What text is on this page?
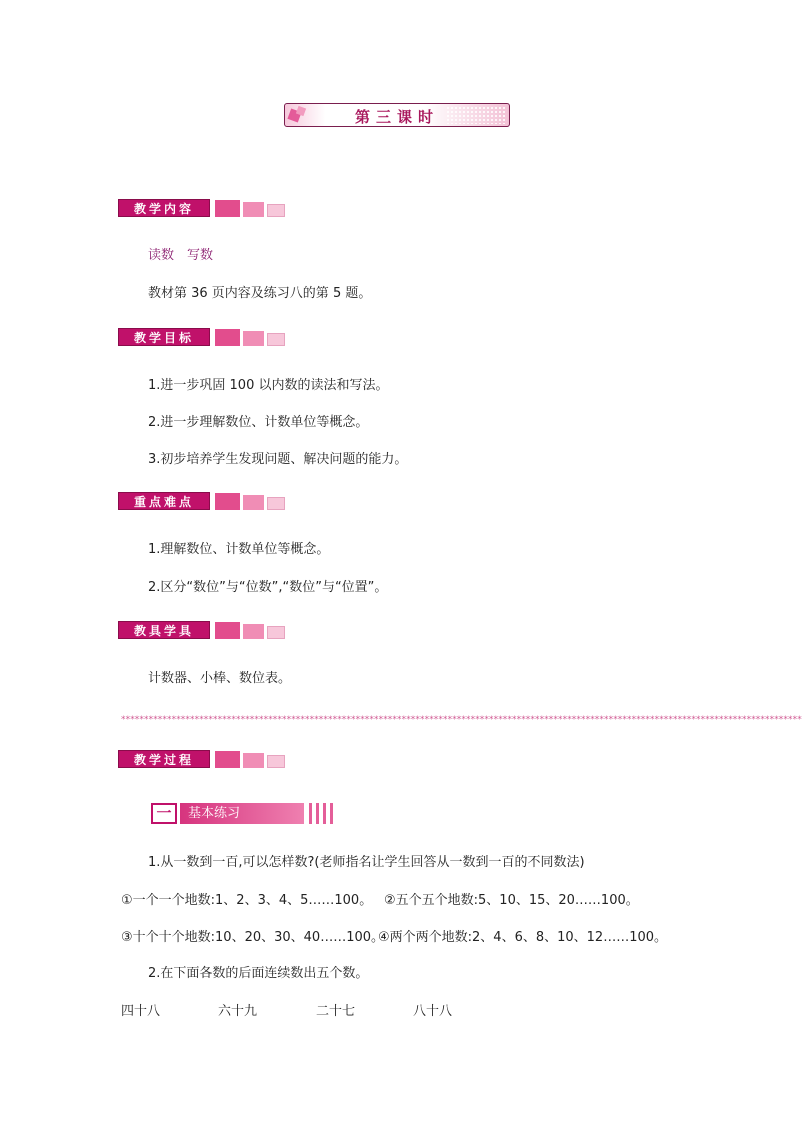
第三课时
教学内容
读数　写数
教材第 36 页内容及练习八的第 5 题。
教学目标
1.进一步巩固 100 以内数的读法和写法。
2.进一步理解数位、计数单位等概念。
3.初步培养学生发现问题、解决问题的能力。
重点难点
1.理解数位、计数单位等概念。
2.区分“数位”与“位数”,“数位”与“位置”。
教具学具
计数器、小棒、数位表。
****************************************************************************************************************************************************
教学过程
一	基本练习
1.从一数到一百,可以怎样数?(老师指名让学生回答从一数到一百的不同数法)
①一个一个地数:1、2、3、4、5……100。 ②五个五个地数:5、10、15、20……100。
③十个十个地数:10、20、30、40……100。
④两个两个地数:2、4、6、8、10、12……100。
2.在下面各数的后面连续数出五个数。
四十八	六十九	二十七	八十八
